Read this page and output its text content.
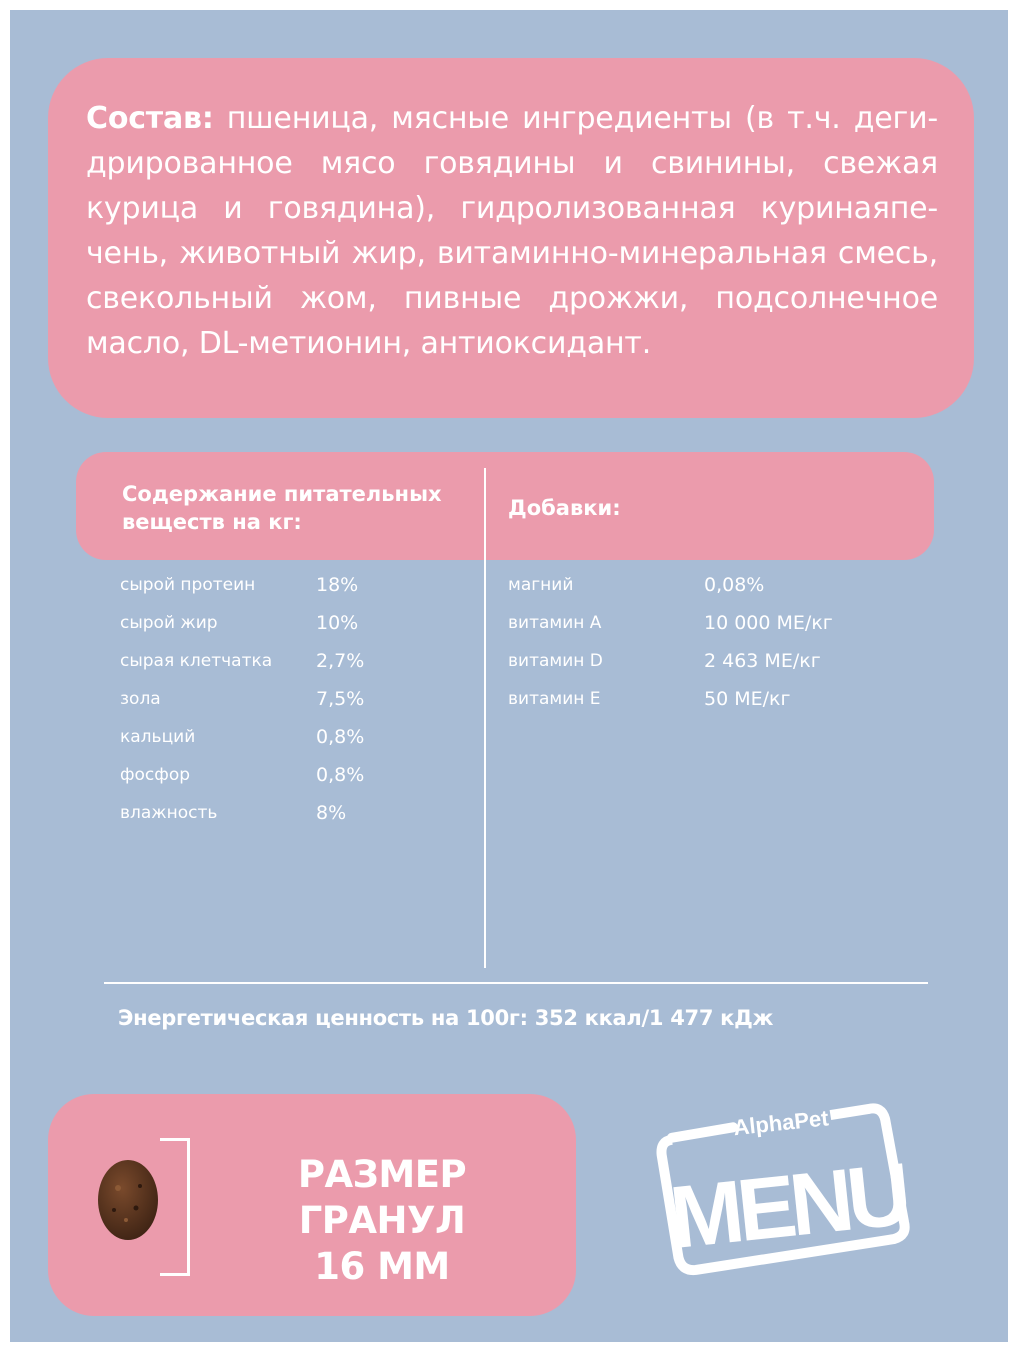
Состав: пшеница, мясные ингредиенты (в т.ч. деги-дрированное мясо говядины и свинины, свежая курица и говядина), гидролизованная куринаяпе-чень, животный жир, витаминно-минеральная смесь, свекольный жом, пивные дрожжи, подсолнечное масло, DL-метионин, антиоксидант.

Содержание питательных веществ на кг:
Добавки:
сырой протеин	18%
сырой жир	10%
сырая клетчатка	2,7%
зола	7,5%
кальций	0,8%
фосфор	0,8%
влажность	8%
магний	0,08%
витамин А	10 000 МЕ/кг
витамин D	2 463 МЕ/кг
витамин Е	50 МЕ/кг
Энергетическая ценность на 100г: 352 ккал/1 477 кДж
РАЗМЕР ГРАНУЛ
16 ММ
AlphaPet
MENU
